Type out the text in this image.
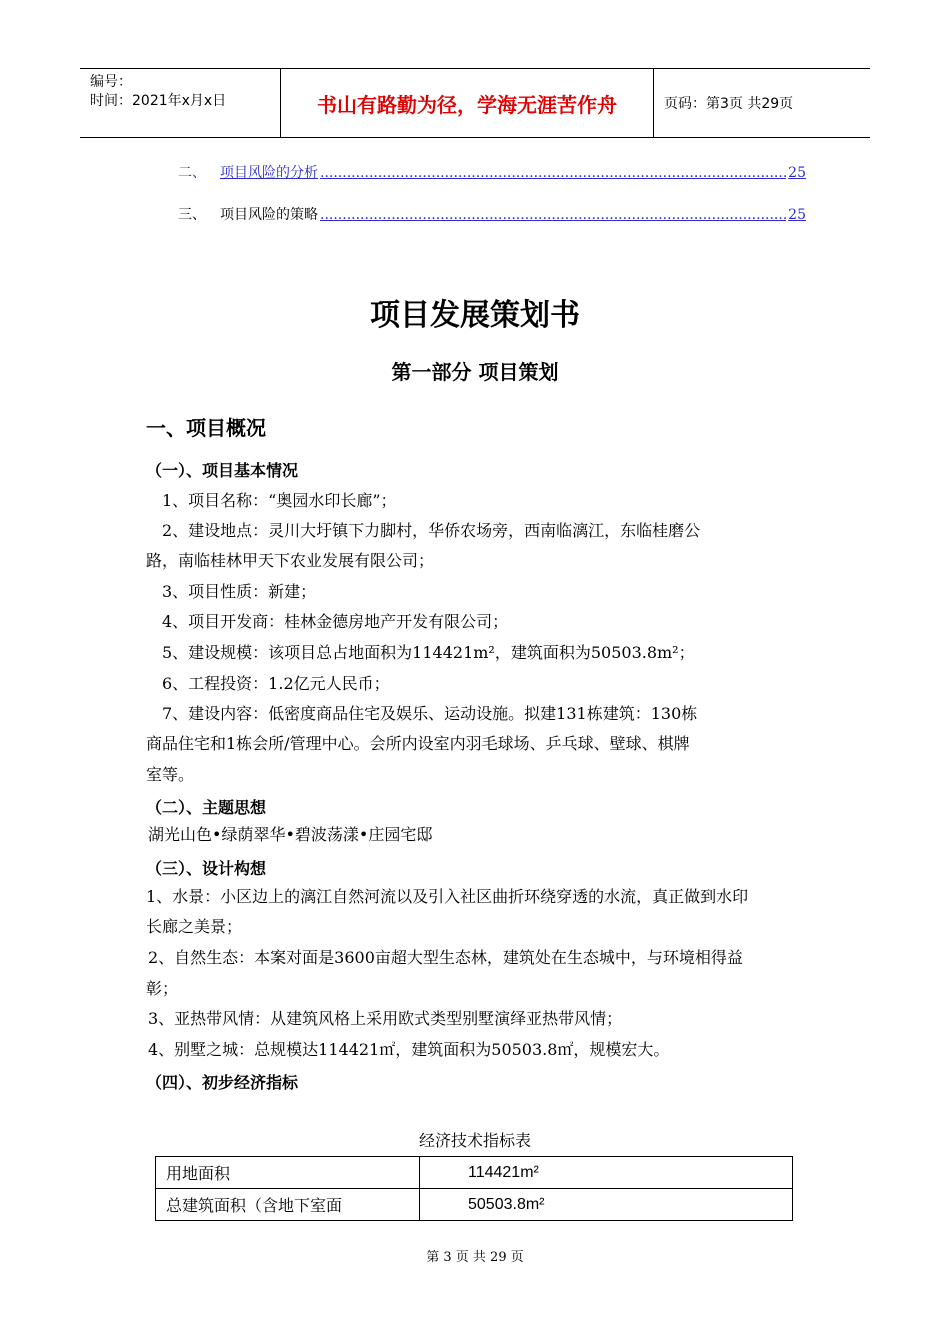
编号：
时间：2021年x月x日	书山有路勤为径，学海无涯苦作舟	页码：第3页 共29页
二、	项目风险的分析 .....	25
三、	项目风险的策略 .....	25
项目发展策划书
第一部分 项目策划
一、项目概况
（一）、项目基本情况
1、项目名称：“奥园水印长廊”；
2、建设地点：灵川大圩镇下力脚村，华侨农场旁，西南临漓江，东临桂磨公
路，南临桂林甲天下农业发展有限公司；
3、项目性质：新建；
4、项目开发商：桂林金德房地产开发有限公司；
5、建设规模：该项目总占地面积为114421m²，建筑面积为50503.8m²；
6、工程投资：1.2亿元人民币；
7、建设内容：低密度商品住宅及娱乐、运动设施。拟建131栋建筑：130栋
商品住宅和1栋会所/管理中心。会所内设室内羽毛球场、乒乓球、壁球、棋牌
室等。
（二）、主题思想
湖光山色•绿荫翠华•碧波荡漾•庄园宅邸
（三）、设计构想
1、水景：小区边上的漓江自然河流以及引入社区曲折环绕穿透的水流，真正做到水印
长廊之美景；
2、自然生态：本案对面是3600亩超大型生态林，建筑处在生态城中，与环境相得益
彰；
3、亚热带风情：从建筑风格上采用欧式类型别墅演绎亚热带风情；
4、别墅之城：总规模达114421㎡，建筑面积为50503.8㎡，规模宏大。
（四）、初步经济指标
经济技术指标表
用地面积	114421m²
总建筑面积（含地下室面	50503.8m²
第 3 页 共 29 页
